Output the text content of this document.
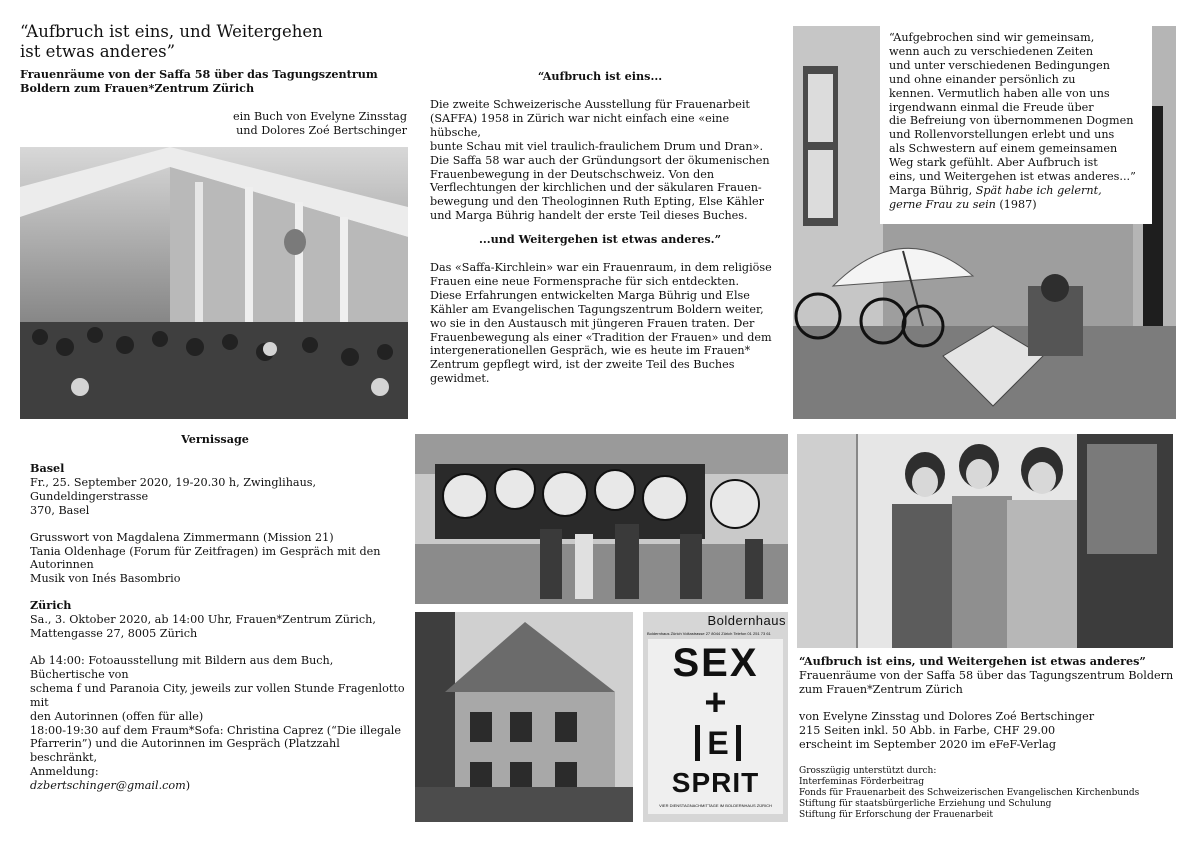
“Aufbruch ist eins, und Weitergehen
ist etwas anderes”
Frauenräume von der Saffa 58 über das Tagungszentrum
Boldern zum Frauen*Zentrum Zürich
ein Buch von Evelyne Zinsstag
und Dolores Zoé Bertschinger
“Aufbruch ist eins...
Die zweite Schweizerische Ausstellung für Frauenarbeit
(SAFFA) 1958 in Zürich war nicht einfach eine «eine hübsche,
bunte Schau mit viel traulich-fraulichem Drum und Dran».
Die Saffa 58 war auch der Gründungsort der ökumenischen
Frauenbewegung in der Deutschschweiz. Von den
Verflechtungen der kirchlichen und der säkularen Frauen-
bewegung und den Theologinnen Ruth Epting, Else Kähler
und Marga Bührig handelt der erste Teil dieses Buches.
...und Weitergehen ist etwas anderes.”
Das «Saffa-Kirchlein» war ein Frauenraum, in dem religiöse
Frauen eine neue Formensprache für sich entdeckten.
Diese Erfahrungen entwickelten Marga Bührig und Else
Kähler am Evangelischen Tagungszentrum Boldern weiter,
wo sie in den Austausch mit jüngeren Frauen traten. Der
Frauenbewegung als einer «Tradition der Frauen» und dem
intergenerationellen Gespräch, wie es heute im Frauen*
Zentrum gepflegt wird, ist der zweite Teil des Buches gewidmet.
“Aufgebrochen sind wir gemeinsam,
wenn auch zu verschiedenen Zeiten
und unter verschiedenen Bedingungen
und ohne einander persönlich zu
kennen. Vermutlich haben alle von uns
irgendwann einmal die Freude über
die Befreiung von übernommenen Dogmen
und Rollenvorstellungen erlebt und uns
als Schwestern auf einem gemeinsamen
Weg stark gefühlt. Aber Aufbruch ist
eins, und Weitergehen ist etwas anderes...”
Marga Bührig, Spät habe ich gelernt,
gerne Frau zu sein (1987)
Vernissage
Basel
Fr., 25. September 2020, 19-20.30 h, Zwinglihaus, Gundeldingerstrasse
370, Basel
Grusswort von Magdalena Zimmermann (Mission 21)
Tania Oldenhage (Forum für Zeitfragen) im Gespräch mit den
Autorinnen
Musik von Inés Basombrio
Zürich
Sa., 3. Oktober 2020, ab 14:00 Uhr, Frauen*Zentrum Zürich,
Mattengasse 27, 8005 Zürich
Ab 14:00: Fotoausstellung mit Bildern aus dem Buch, Büchertische von
schema f und Paranoia City, jeweils zur vollen Stunde Fragenlotto mit
den Autorinnen (offen für alle)
18:00-19:30 auf dem Fraum*Sofa: Christina Caprez (“Die illegale
Pfarrerin”) und die Autorinnen im Gespräch (Platzzahl beschränkt,
Anmeldung:
dzbertschinger@gmail.com)
Boldernhaus
Boldernhaus Zürich Voltastrasse 27 8044 Zürich Telefon 01 251 73 61
SEX
+
E
SPRIT
VIER DIENSTAGNACHMITTAGE IM BOLDERNHAUS ZÜRICH
“Aufbruch ist eins, und Weitergehen ist etwas anderes”
Frauenräume von der Saffa 58 über das Tagungszentrum Boldern
zum Frauen*Zentrum Zürich
von Evelyne Zinsstag und Dolores Zoé Bertschinger
215 Seiten inkl. 50 Abb. in Farbe, CHF 29.00
erscheint im September 2020 im eFeF-Verlag
Grosszügig unterstützt durch:
Interfeminas Förderbeitrag
Fonds für Frauenarbeit des Schweizerischen Evangelischen Kirchenbunds
Stiftung für staatsbürgerliche Erziehung und Schulung
Stiftung für Erforschung der Frauenarbeit
